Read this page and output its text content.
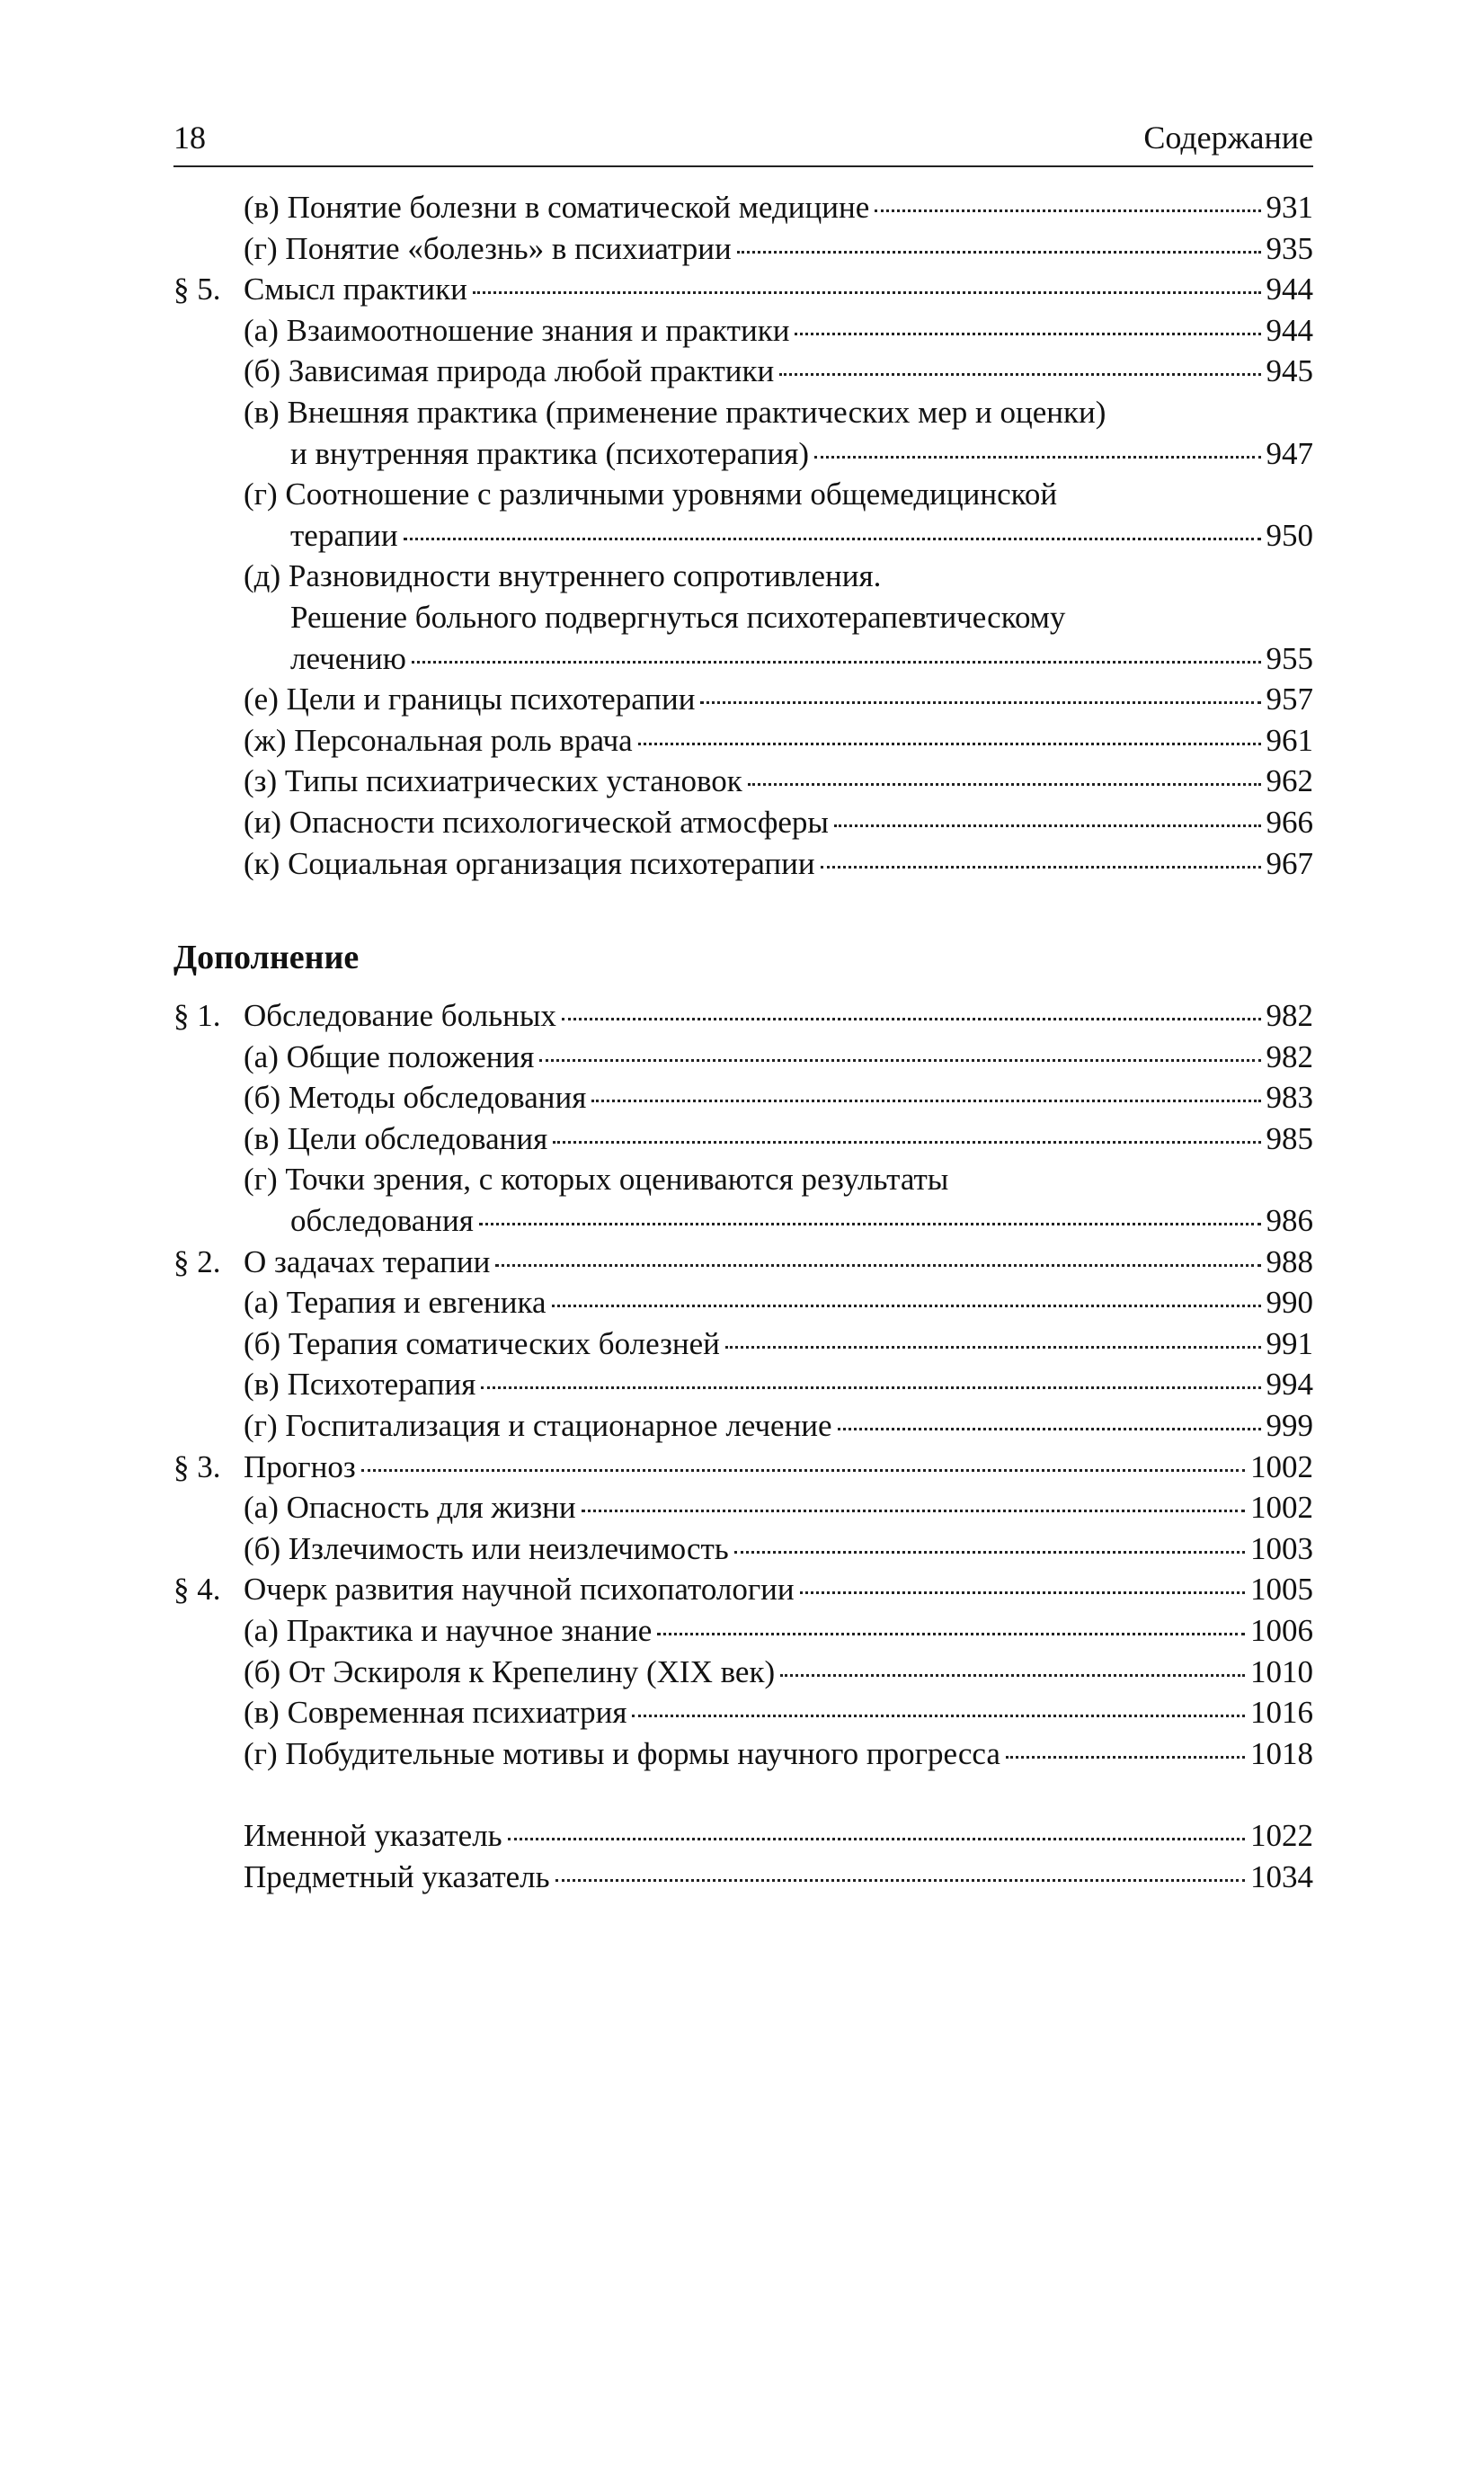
18	Содержание
(в) Понятие болезни в соматической медицине	931
(г) Понятие «болезнь» в психиатрии	935
§ 5. Смысл практики	944
(а) Взаимоотношение знания и практики	944
(б) Зависимая природа любой практики	945
(в) Внешняя практика (применение практических мер и оценки)
и внутренняя практика (психотерапия)	947
(г) Соотношение с различными уровнями общемедицинской
терапии	950
(д) Разновидности внутреннего сопротивления.
Решение больного подвергнуться психотерапевтическому
лечению	955
(е) Цели и границы психотерапии	957
(ж) Персональная роль врача	961
(з) Типы психиатрических установок	962
(и) Опасности психологической атмосферы	966
(к) Социальная организация психотерапии	967
Дополнение
§ 1. Обследование больных	982
(а) Общие положения	982
(б) Методы обследования	983
(в) Цели обследования	985
(г) Точки зрения, с которых оцениваются результаты
обследования	986
§ 2. О задачах терапии	988
(а) Терапия и евгеника	990
(б) Терапия соматических болезней	991
(в) Психотерапия	994
(г) Госпитализация и стационарное лечение	999
§ 3. Прогноз	1002
(а) Опасность для жизни	1002
(б) Излечимость или неизлечимость	1003
§ 4. Очерк развития научной психопатологии	1005
(а) Практика и научное знание	1006
(б) От Эскироля к Крепелину (XIX век)	1010
(в) Современная психиатрия	1016
(г) Побудительные мотивы и формы научного прогресса	1018
Именной указатель	1022
Предметный указатель	1034
